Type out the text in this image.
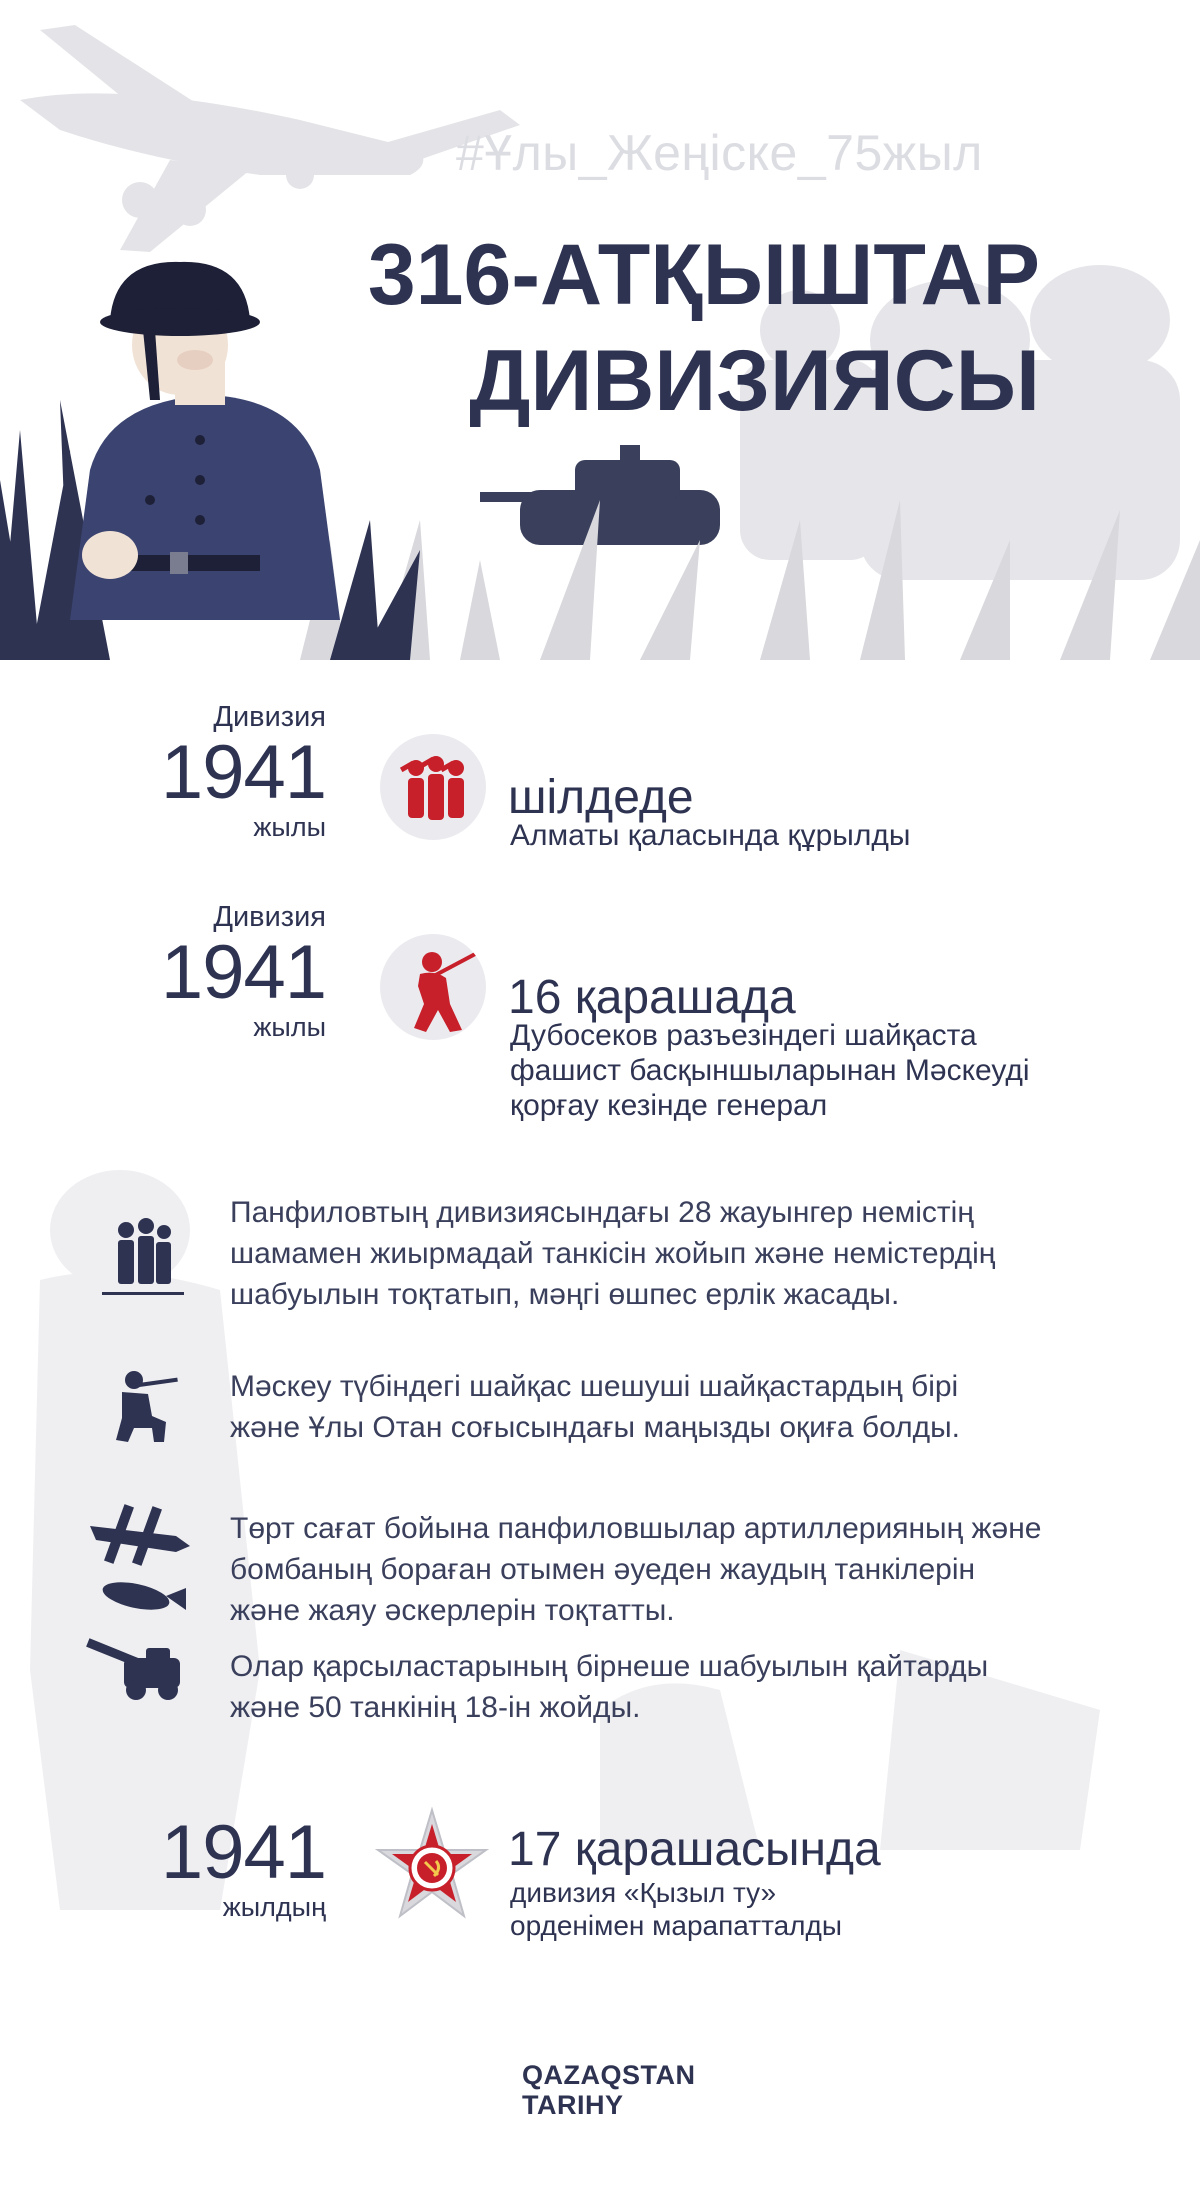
#Ұлы_Жеңіске_75жыл
316-АТҚЫШТАР
ДИВИЗИЯСЫ
Дивизия
1941
жылы
шілдеде
Алматы қаласында құрылды
Дивизия
1941
жылы
16 қарашада
Дубосеков разъезіндегі шайқаста
фашист басқыншыларынан Мәскеуді
қорғау кезінде генерал

Панфиловтың дивизиясындағы 28 жауынгер немістің

шамамен жиырмадай танкісін жойып және немістердің

шабуылын тоқтатып, мәңгі өшпес ерлік жасады.

Мәскеу түбіндегі шайқас шешуші шайқастардың бірі

және Ұлы Отан соғысындағы маңызды оқиға болды.

Төрт сағат бойына панфиловшылар артиллерияның және

бомбаның бораған отымен әуеден жаудың танкілерін

және жаяу әскерлерін тоқтатты.

Олар қарсыластарының бірнеше шабуылын қайтарды

және 50 танкінің 18-ін жойды.

1941
жылдың
17 қарашасында
дивизия «Қызыл ту»
орденімен марапатталды
QAZAQSTAN
TARIHY
